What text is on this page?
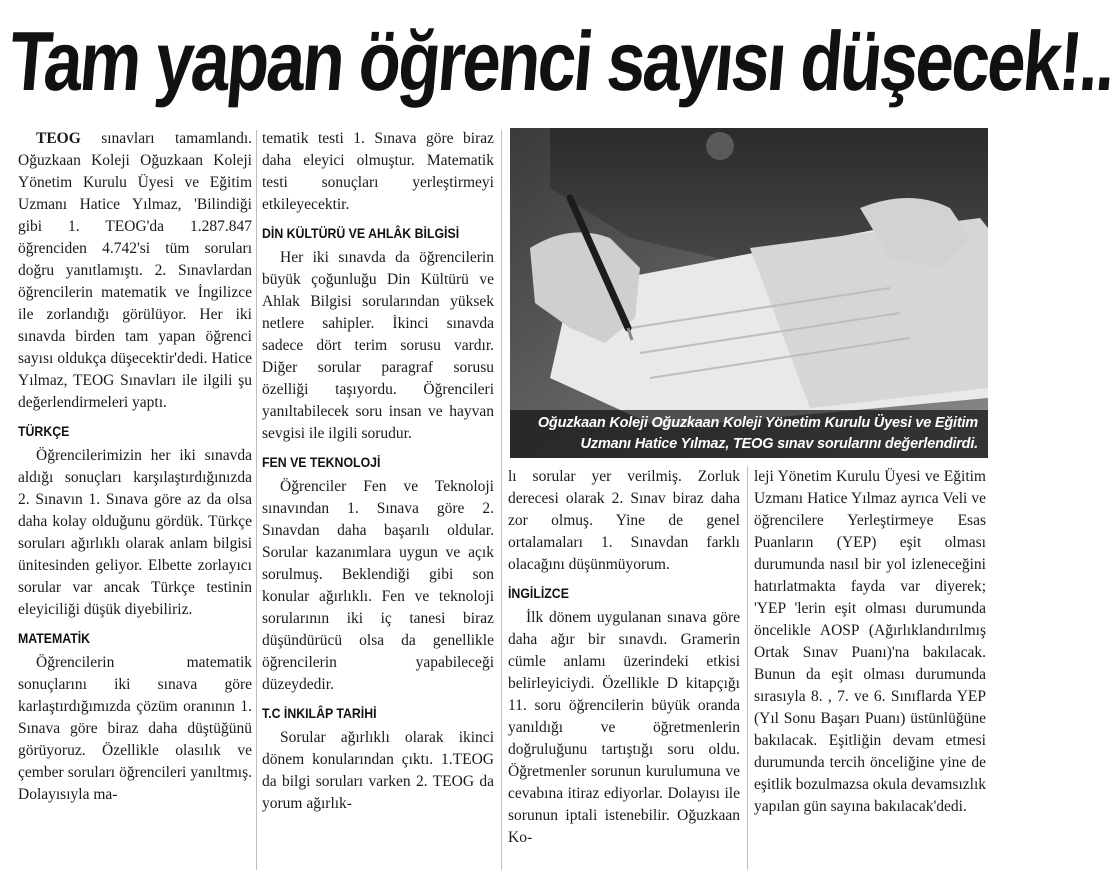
Tam yapan öğrenci sayısı düşecek!..

TEOG sınavları tamamlandı. Oğuzkaan Koleji Oğuzkaan Koleji Yönetim Kurulu Üyesi ve Eğitim Uzmanı Hatice Yılmaz, 'Bilindiği gibi 1. TEOG'da 1.287.847 öğrenciden 4.742'si tüm soruları doğru yanıtlamıştı. 2. Sınavlardan öğrencilerin matematik ve İngilizce ile zorlandığı görülüyor. Her iki sınavda birden tam yapan öğrenci sayısı oldukça düşecektir'dedi. Hatice Yılmaz, TEOG Sınavları ile ilgili şu değerlendirmeleri yaptı.

TÜRKÇE

Öğrencilerimizin her iki sınavda aldığı sonuçları karşılaştırdığınızda 2. Sınavın 1. Sınava göre az da olsa daha kolay olduğunu gördük. Türkçe soruları ağırlıklı olarak anlam bilgisi ünitesinden geliyor. Elbette zorlayıcı sorular var ancak Türkçe testinin eleyiciliği düşük diyebiliriz.

MATEMATİK

Öğrencilerin matematik sonuçlarını iki sınava göre karlaştırdığımızda çözüm oranının 1. Sınava göre biraz daha düştüğünü görüyoruz. Özellikle olasılık ve çember soruları öğrencileri yanıltmış. Dolayısıyla ma-

tematik testi 1. Sınava göre biraz daha eleyici olmuştur. Matematik testi sonuçları yerleştirmeyi etkileyecektir.

DİN KÜLTÜRÜ VE AHLÂK BİLGİSİ

Her iki sınavda da öğrencilerin büyük çoğunluğu Din Kültürü ve Ahlak Bilgisi sorularından yüksek netlere sahipler. İkinci sınavda sadece dört terim sorusu vardır. Diğer sorular paragraf sorusu özelliği taşıyordu. Öğrencileri yanıltabilecek soru insan ve hayvan sevgisi ile ilgili sorudur.

FEN VE TEKNOLOJİ

Öğrenciler Fen ve Teknoloji sınavından 1. Sınava göre 2. Sınavdan daha başarılı oldular. Sorular kazanımlara uygun ve açık sorulmuş. Beklendiği gibi son konular ağırlıklı. Fen ve teknoloji sorularının iki iç tanesi biraz düşündürücü olsa da genellikle öğrencilerin yapabileceği düzeydedir.

T.C İNKILÂP TARİHİ

Sorular ağırlıklı olarak ikinci dönem konularından çıktı. 1.TEOG da bilgi soruları varken 2. TEOG da yorum ağırlık-

Oğuzkaan Koleji Oğuzkaan Koleji Yönetim Kurulu Üyesi ve Eğitim Uzmanı Hatice Yılmaz, TEOG sınav sorularını değerlendirdi.

lı sorular yer verilmiş. Zorluk derecesi olarak 2. Sınav biraz daha zor olmuş. Yine de genel ortalamaları 1. Sınavdan farklı olacağını düşünmüyorum.

İNGİLİZCE

İlk dönem uygulanan sınava göre daha ağır bir sınavdı. Gramerin cümle anlamı üzerindeki etkisi belirleyiciydi. Özellikle D kitapçığı 11. soru öğrencilerin büyük oranda yanıldığı ve öğretmenlerin doğruluğunu tartıştığı soru oldu. Öğretmenler sorunun kurulumuna ve cevabına itiraz ediyorlar. Dolayısı ile sorunun iptali istenebilir. Oğuzkaan Ko-

leji Yönetim Kurulu Üyesi ve Eğitim Uzmanı Hatice Yılmaz ayrıca Veli ve öğrencilere Yerleştirmeye Esas Puanların (YEP) eşit olması durumunda nasıl bir yol izleneceğini hatırlatmakta fayda var diyerek; 'YEP 'lerin eşit olması durumunda öncelikle AOSP (Ağırlıklandırılmış Ortak Sınav Puanı)'na bakılacak. Bunun da eşit olması durumunda sırasıyla 8. , 7. ve 6. Sınıflarda YEP (Yıl Sonu Başarı Puanı) üstünlüğüne bakılacak. Eşitliğin devam etmesi durumunda tercih önceliğine yine de eşitlik bozulmazsa okula devamsızlık yapılan gün sayına bakılacak'dedi.
